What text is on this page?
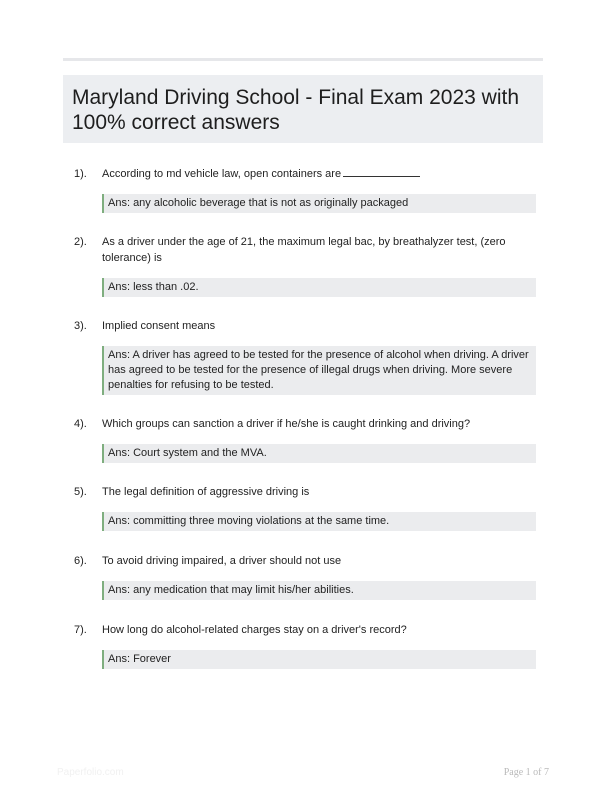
Maryland Driving School - Final Exam 2023 with 100% correct answers
1). According to md vehicle law, open containers are
Ans: any alcoholic beverage that is not as originally packaged
2). As a driver under the age of 21, the maximum legal bac, by breathalyzer test, (zero tolerance) is
Ans: less than .02.
3). Implied consent means
Ans: A driver has agreed to be tested for the presence of alcohol when driving. A driver has agreed to be tested for the presence of illegal drugs when driving. More severe penalties for refusing to be tested.
4). Which groups can sanction a driver if he/she is caught drinking and driving?
Ans: Court system and the MVA.
5). The legal definition of aggressive driving is
Ans: committing three moving violations at the same time.
6). To avoid driving impaired, a driver should not use
Ans: any medication that may limit his/her abilities.
7). How long do alcohol-related charges stay on a driver's record?
Ans: Forever
Paperfolio.com	Page 1 of 7
